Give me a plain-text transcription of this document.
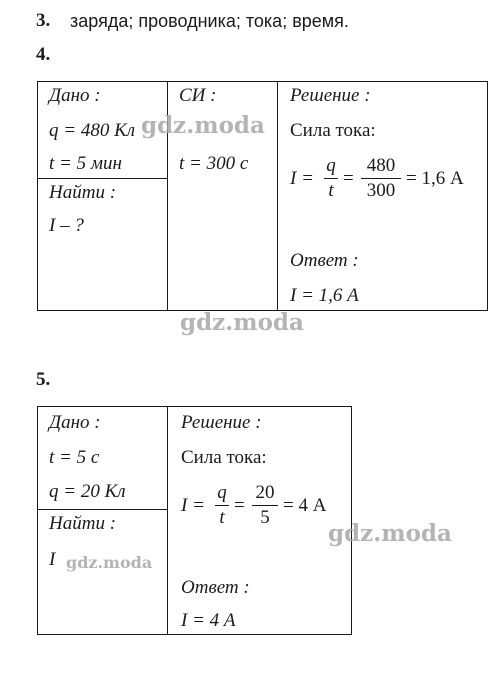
3. заряда; проводника; тока; время.
4.
Дано :
q = 480 Кл
t = 5 мин
Найти :
I – ?
СИ :
t = 300 с
Решение :
Сила тока:
I =
q
t
=
480
300
= 1,6 А
Ответ :
I = 1,6 А
5.
Дано :
t = 5 с
q = 20 Кл
Найти :
I
Решение :
Сила тока:
I =
q
t
=
20
5
= 4 А
Ответ :
I = 4 А
gdz.moda
gdz.moda
gdz.moda
gdz.moda
